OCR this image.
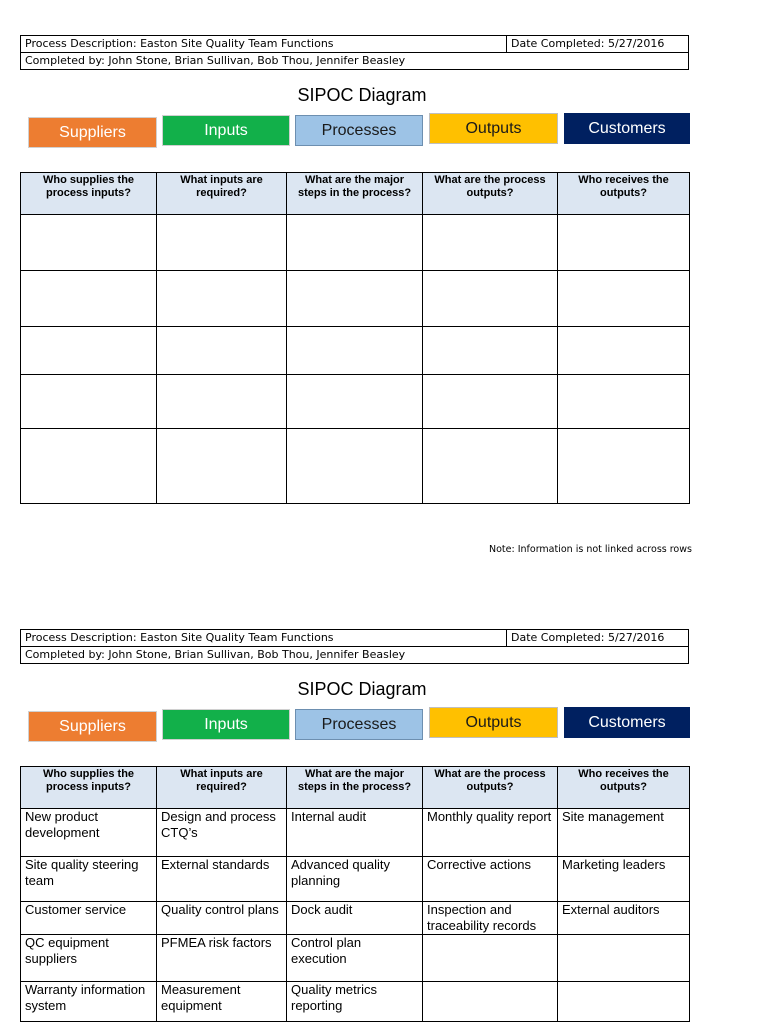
Process Description: Easton Site Quality Team Functions	Date Completed: 5/27/2016
Completed by: John Stone, Brian Sullivan, Bob Thou, Jennifer Beasley
SIPOC Diagram
Suppliers	Inputs	Processes	Outputs	Customers
Who supplies the process inputs?	What inputs are required?	What are the major steps in the process?	What are the process outputs?	Who receives the outputs?

Note: Information is not linked across rows
Process Description: Easton Site Quality Team Functions	Date Completed: 5/27/2016
Completed by: John Stone, Brian Sullivan, Bob Thou, Jennifer Beasley
SIPOC Diagram
Suppliers	Inputs	Processes	Outputs	Customers
Who supplies the process inputs?	What inputs are required?	What are the major steps in the process?	What are the process outputs?	Who receives the outputs?
New product development	Design and process CTQ’s	Internal audit	Monthly quality report	Site management
Site quality steering team	External standards	Advanced quality planning	Corrective actions	Marketing leaders
Customer service	Quality control plans	Dock audit	Inspection and traceability records	External auditors
QC equipment suppliers	PFMEA risk factors	Control plan execution		
Warranty information system	Measurement equipment	Quality metrics reporting		
